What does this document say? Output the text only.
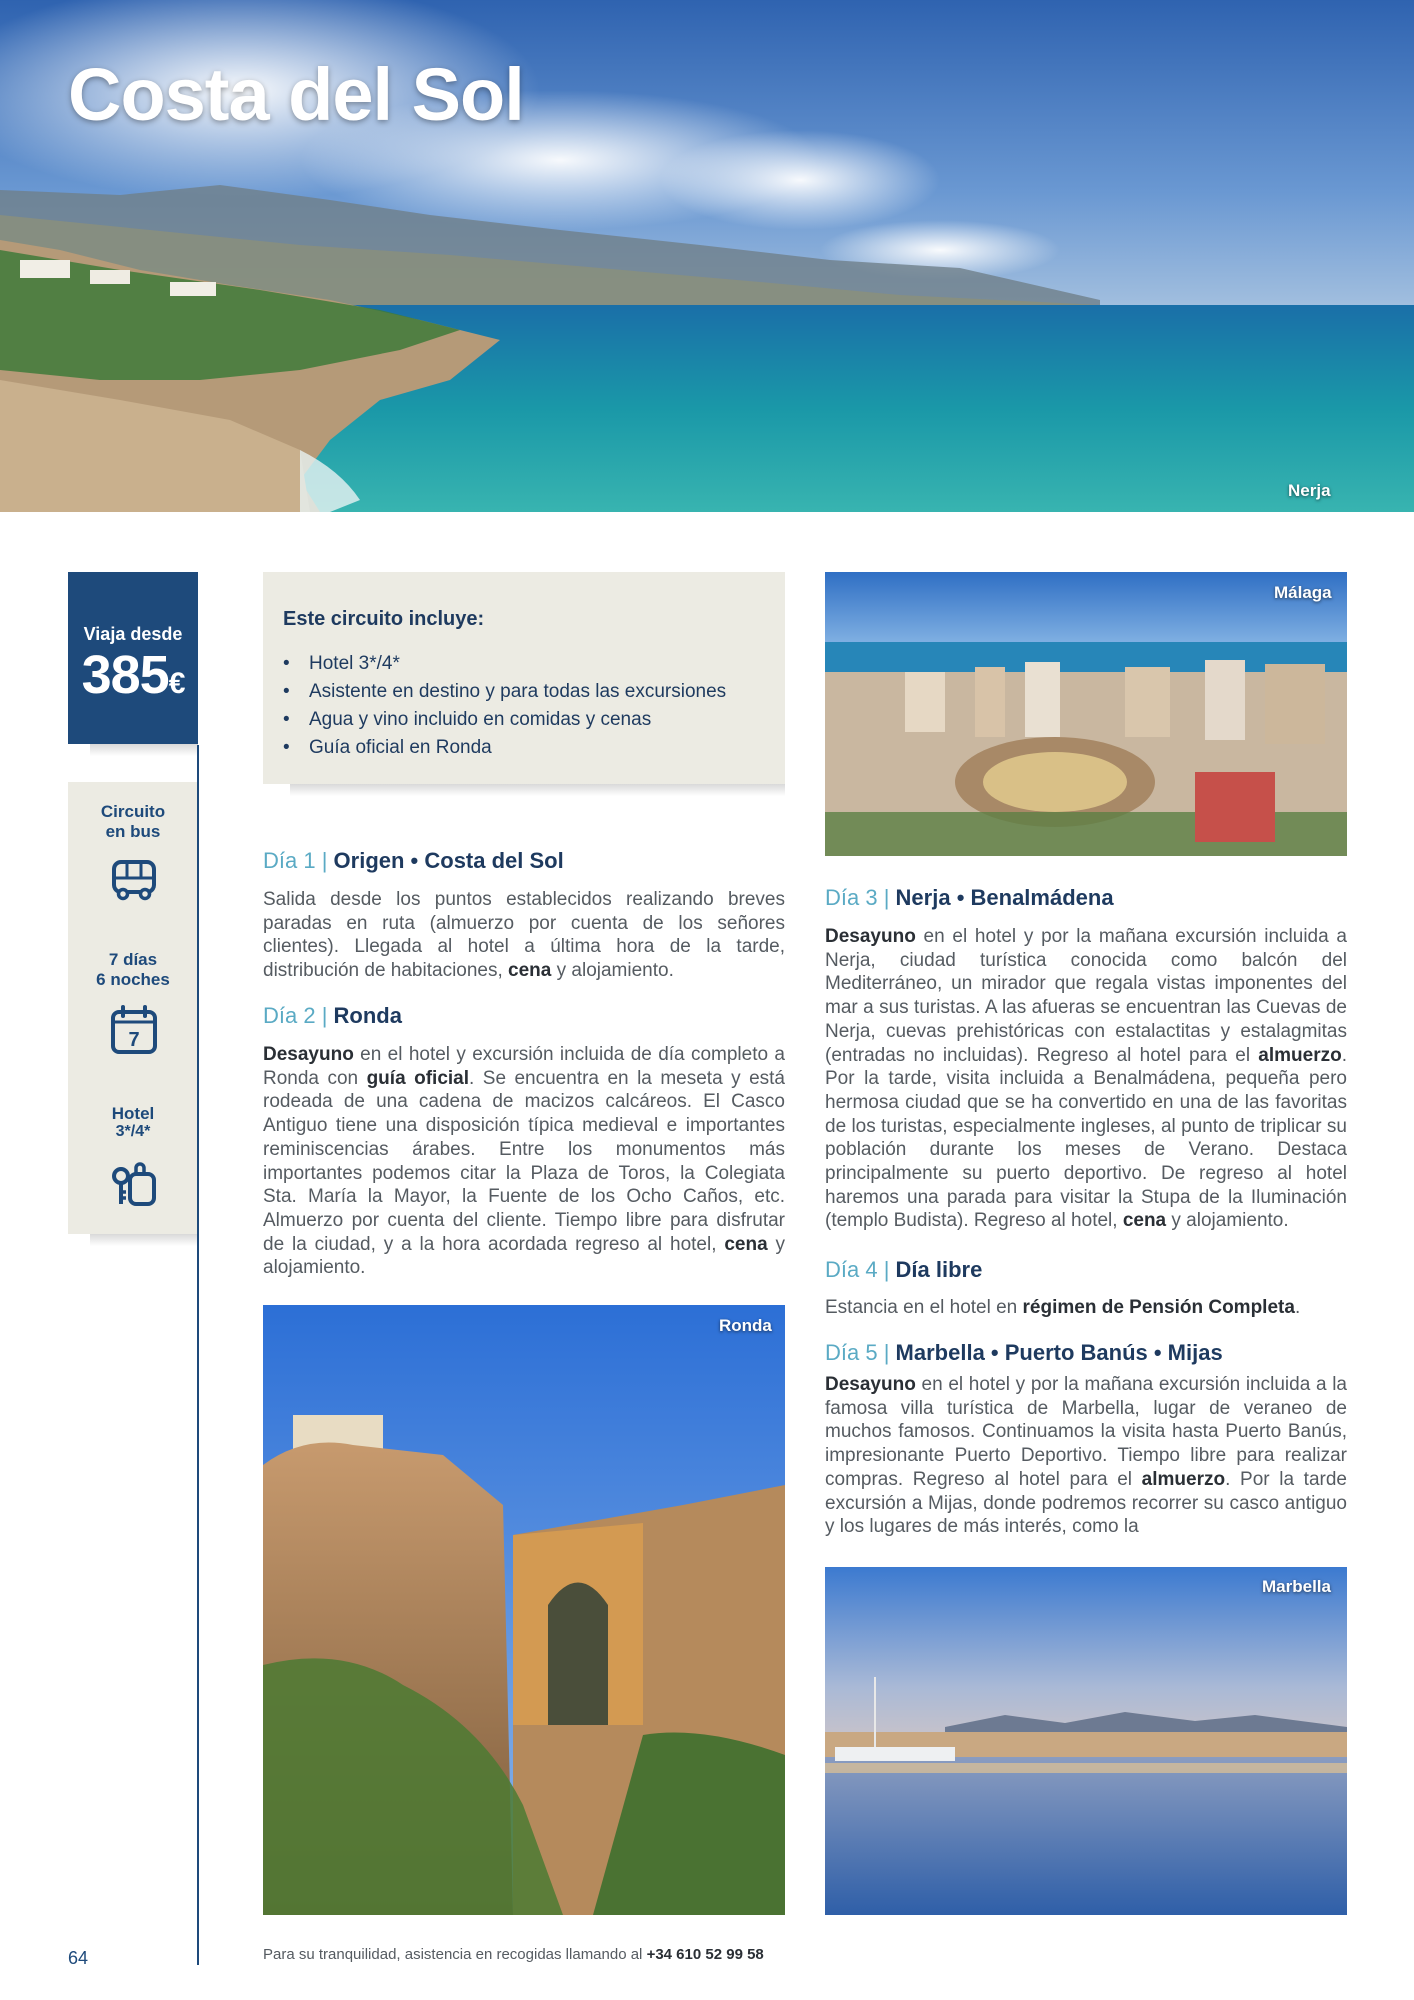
Costa del Sol
Nerja
Viaja desde
385€
Circuito
en bus
7 días
6 noches
7
Hotel
3*/4*
Este circuito incluye:
• Hotel 3*/4*
• Asistente en destino y para todas las excursiones
• Agua y vino incluido en comidas y cenas
• Guía oficial en Ronda
Día 1 | Origen • Costa del Sol
Salida desde los puntos establecidos realizando breves paradas en ruta (almuerzo por cuenta de los señores clientes). Llegada al hotel a última hora de la tarde, distribución de habitaciones, cena y alojamiento.
Día 2 | Ronda
Desayuno en el hotel y excursión incluida de día completo a Ronda con guía oficial. Se encuentra en la meseta y está rodeada de una cadena de macizos calcáreos. El Casco Antiguo tiene una disposición típica medieval e importantes reminiscencias árabes. Entre los monumentos más importantes podemos citar la Plaza de Toros, la Colegiata Sta. María la Mayor, la Fuente de los Ocho Caños, etc. Almuerzo por cuenta del cliente. Tiempo libre para disfrutar de la ciudad, y a la hora acordada regreso al hotel, cena y alojamiento.
Ronda
Málaga
Día 3 | Nerja • Benalmádena
Desayuno en el hotel y por la mañana excursión incluida a Nerja, ciudad turística conocida como balcón del Mediterráneo, un mirador que regala vistas imponentes del mar a sus turistas. A las afueras se encuentran las Cuevas de Nerja, cuevas prehistóricas con estalactitas y estalagmitas (entradas no incluidas). Regreso al hotel para el almuerzo. Por la tarde, visita incluida a Benalmádena, pequeña pero hermosa ciudad que se ha convertido en una de las favoritas de los turistas, especialmente ingleses, al punto de triplicar su población durante los meses de Verano. Destaca principalmente su puerto deportivo. De regreso al hotel haremos una parada para visitar la Stupa de la Iluminación (templo Budista). Regreso al hotel, cena y alojamiento.
Día 4 | Día libre
Estancia en el hotel en régimen de Pensión Completa.
Día 5 | Marbella • Puerto Banús • Mijas
Desayuno en el hotel y por la mañana excursión incluida a la famosa villa turística de Marbella, lugar de veraneo de muchos famosos. Continuamos la visita hasta Puerto Banús, impresionante Puerto Deportivo. Tiempo libre para realizar compras. Regreso al hotel para el almuerzo. Por la tarde excursión a Mijas, donde podremos recorrer su casco antiguo y los lugares de más interés, como la
Marbella
64	Para su tranquilidad, asistencia en recogidas llamando al +34 610 52 99 58
